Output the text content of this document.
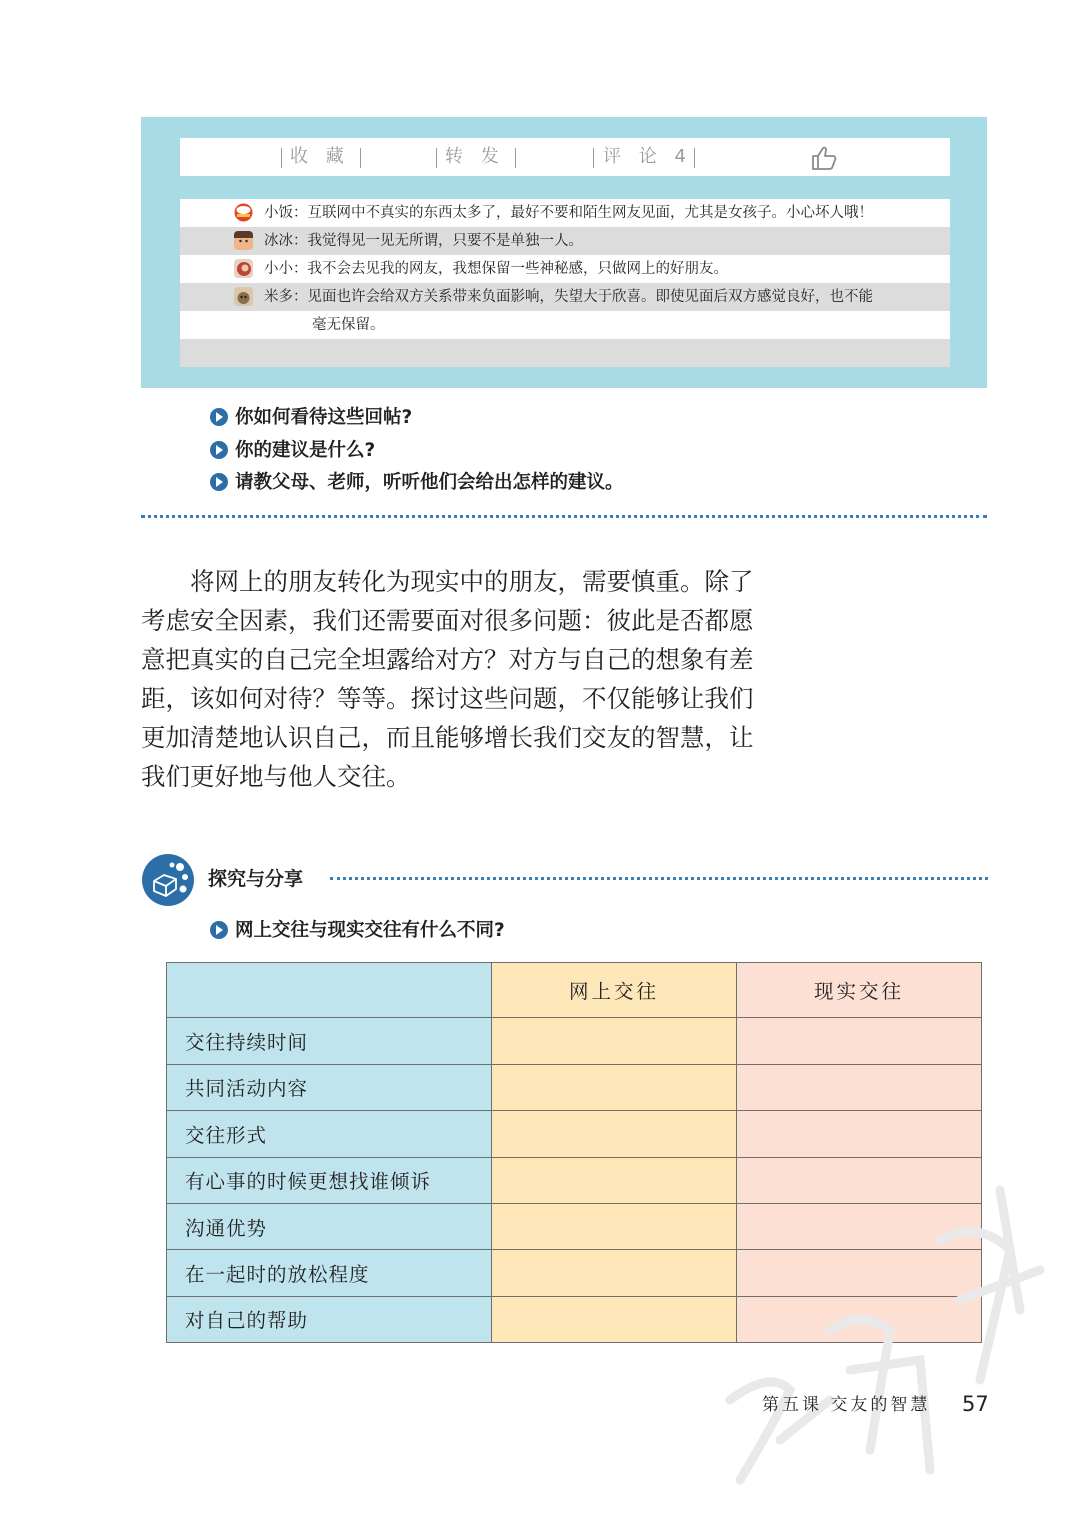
收 藏	转 发	评 论 4
小饭：互联网中不真实的东西太多了，最好不要和陌生网友见面，尤其是女孩子。小心坏人哦！
冰冰：我觉得见一见无所谓，只要不是单独一人。
小小：我不会去见我的网友，我想保留一些神秘感，只做网上的好朋友。
米多：见面也许会给双方关系带来负面影响，失望大于欣喜。即使见面后双方感觉良好，也不能
毫无保留。
你如何看待这些回帖?
你的建议是什么?
请教父母、老师，听听他们会给出怎样的建议。

将网上的朋友转化为现实中的朋友，需要慎重。除了

考虑安全因素，我们还需要面对很多问题：彼此是否都愿

意把真实的自己完全坦露给对方？对方与自己的想象有差

距，该如何对待？等等。探讨这些问题，不仅能够让我们

更加清楚地认识自己，而且能够增长我们交友的智慧，让

我们更好地与他人交往。

探究与分享
网上交往与现实交往有什么不同?
	网上交往	现实交往
交往持续时间		
共同活动内容		
交往形式		
有心事的时候更想找谁倾诉		
沟通优势		
在一起时的放松程度		
对自己的帮助		
第五课 交友的智慧 57
